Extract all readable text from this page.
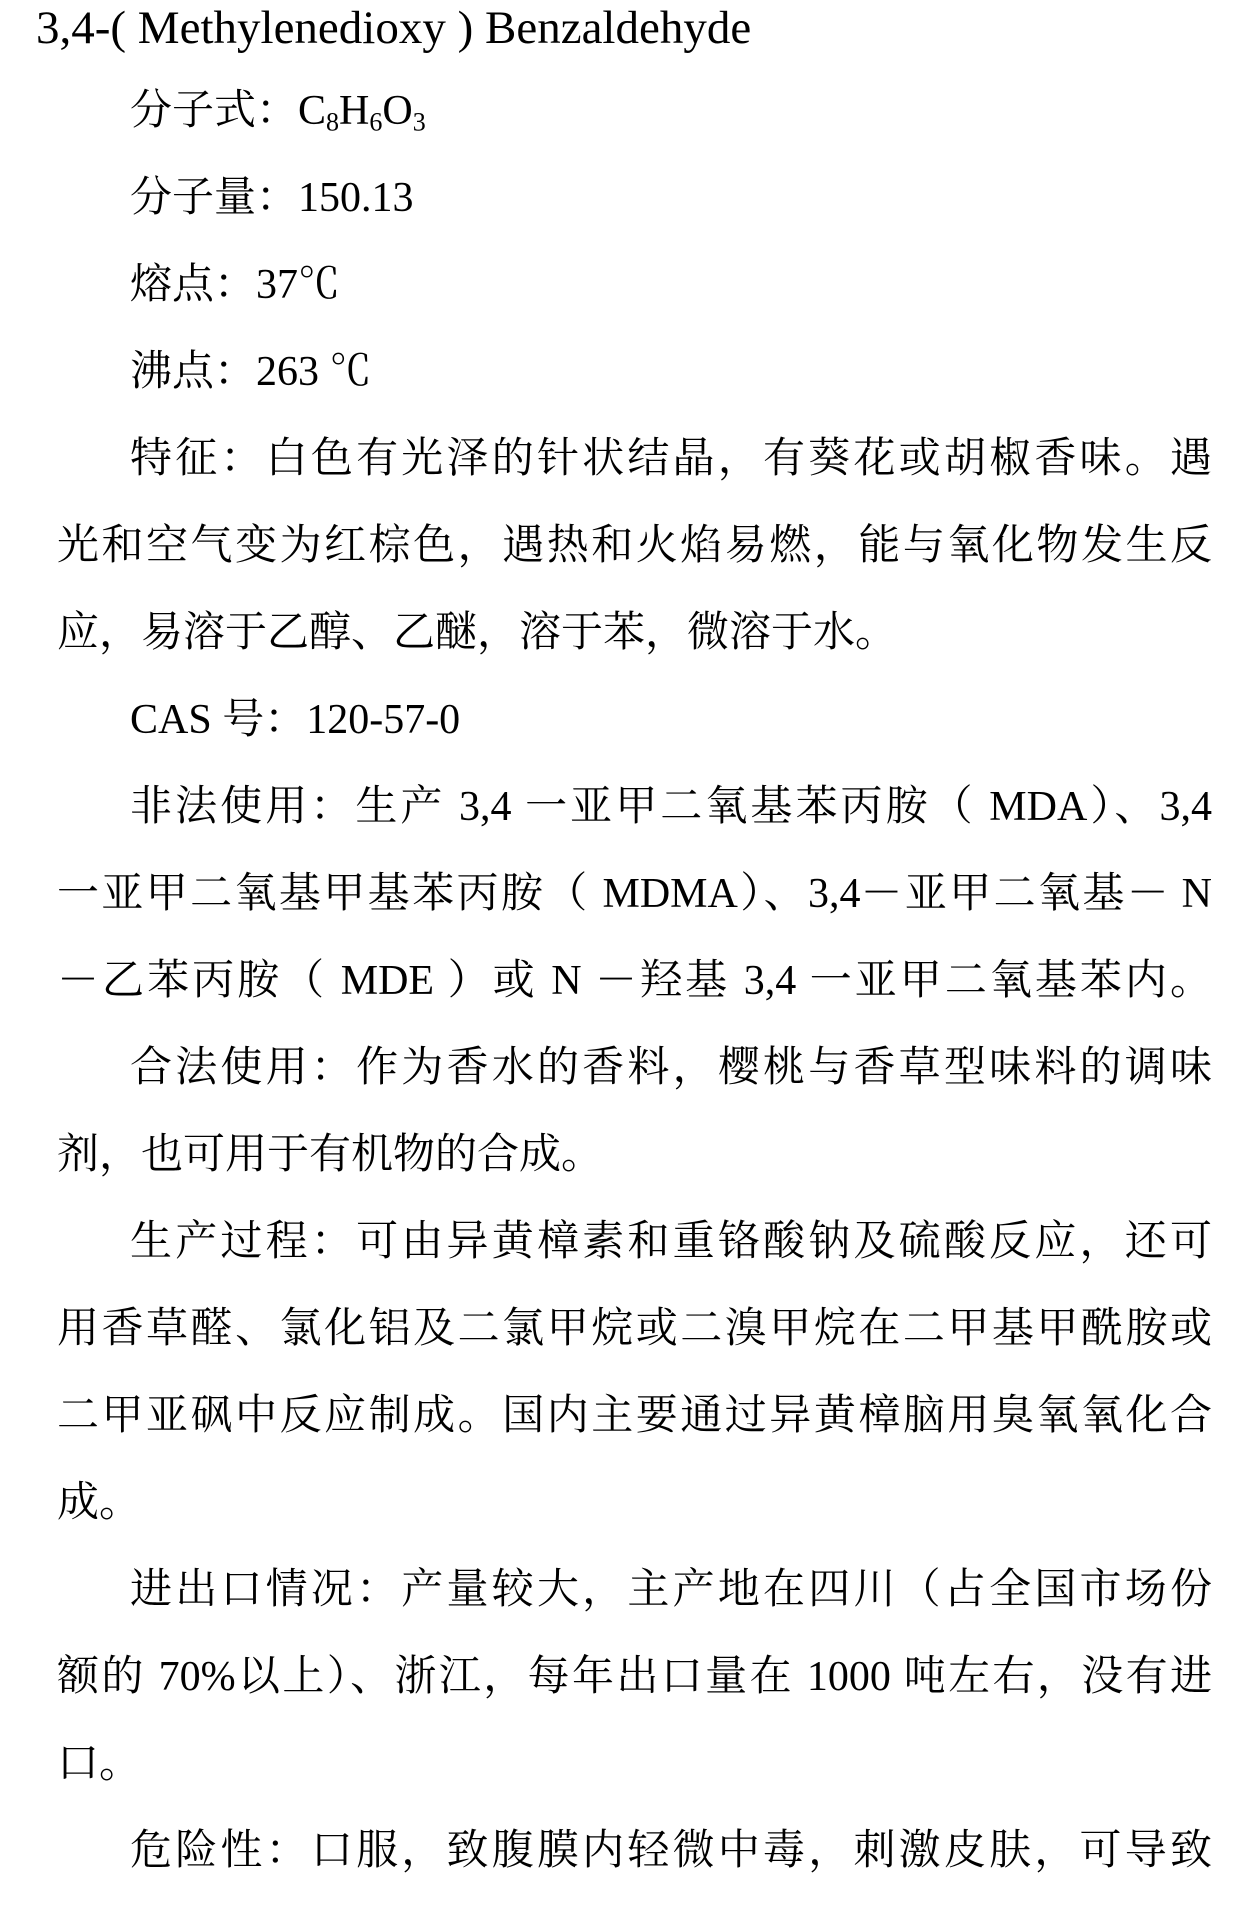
3,4-( Methylenedioxy ) Benzaldehyde
分子式：$C_8H_6O_3$
分子量：150.13
熔点：37℃
沸点：263 ℃
特征：白色有光泽的针状结晶，有葵花或胡椒香味。遇
光和空气变为红棕色，遇热和火焰易燃，能与氧化物发生反
应，易溶于乙醇、乙醚，溶于苯，微溶于水。
CAS 号：120-57-0
非法使用：生产 3,4 一亚甲二氧基苯丙胺（ MDA）、3,4
一亚甲二氧基甲基苯丙胺（ MDMA）、3,4－亚甲二氧基－ N
－乙苯丙胺（ MDE ）或 N －羟基 3,4 一亚甲二氧基苯内。
合法使用：作为香水的香料，樱桃与香草型味料的调味
剂，也可用于有机物的合成。
生产过程：可由异黄樟素和重铬酸钠及硫酸反应，还可
用香草醛、氯化铝及二氯甲烷或二溴甲烷在二甲基甲酰胺或
二甲亚砜中反应制成。国内主要通过异黄樟脑用臭氧氧化合
成。
进出口情况：产量较大，主产地在四川（占全国市场份
额的 70%以上）、浙江，每年出口量在 1000 吨左右，没有进
口。
危险性：口服，致腹膜内轻微中毒，刺激皮肤，可导致
